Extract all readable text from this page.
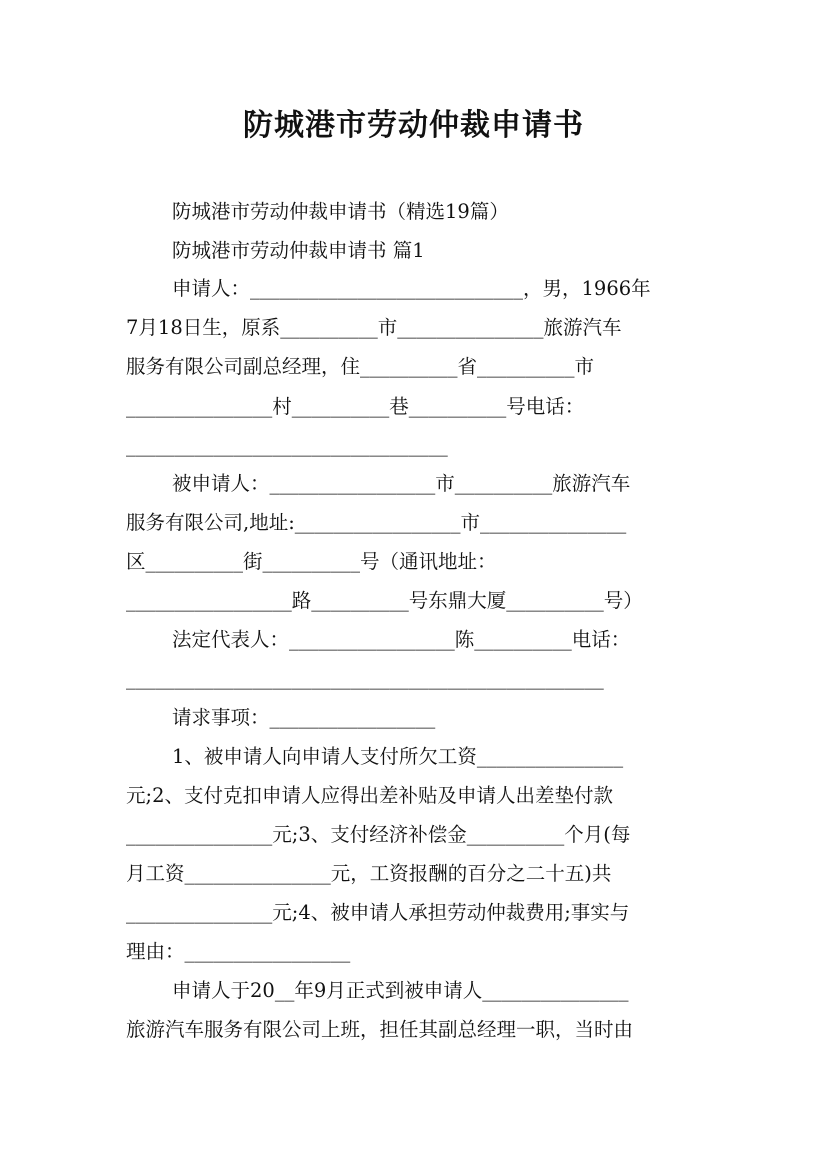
防城港市劳动仲裁申请书

防城港市劳动仲裁申请书（精选19篇）

防城港市劳动仲裁申请书 篇1

申请人：____________________________，男，1966年

7月18日生，原系__________市_______________旅游汽车

服务有限公司副总经理，住__________省__________市

_______________村__________巷__________号电话：

_________________________________

被申请人：_________________市__________旅游汽车

服务有限公司,地址:_________________市_______________

区__________街__________号（通讯地址：

_________________路__________号东鼎大厦__________号）

法定代表人：_________________陈__________电话：

_________________________________________________

请求事项：_________________

1、被申请人向申请人支付所欠工资_______________

元;2、支付克扣申请人应得出差补贴及申请人出差垫付款

_______________元;3、支付经济补偿金__________个月(每

月工资_______________元，工资报酬的百分之二十五)共

_______________元;4、被申请人承担劳动仲裁费用;事实与

理由：_________________

申请人于20__年9月正式到被申请人_______________

旅游汽车服务有限公司上班，担任其副总经理一职，当时由
